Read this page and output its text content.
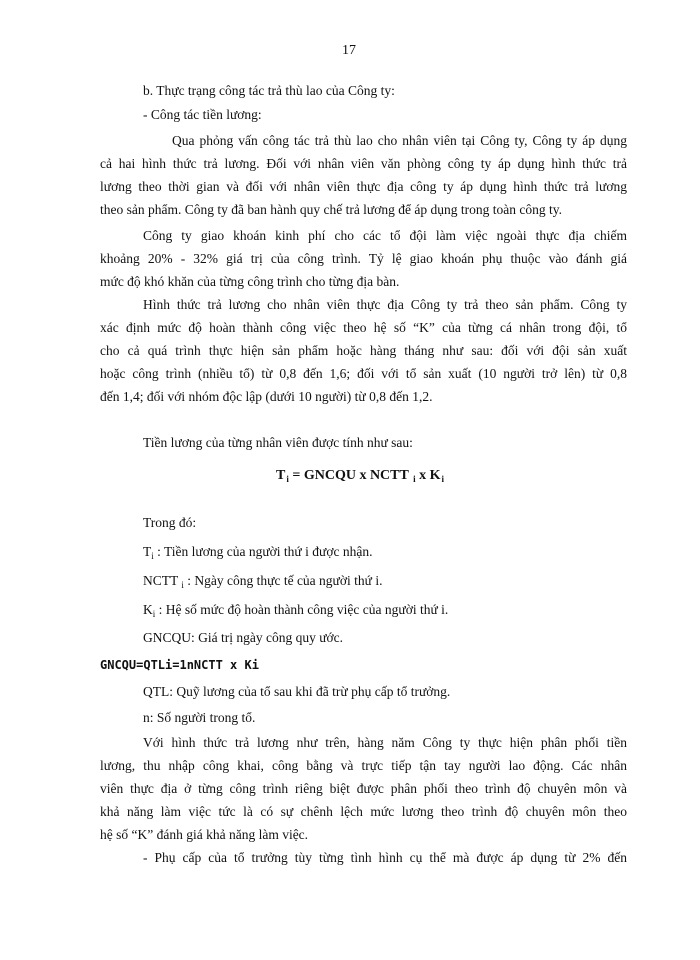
17
b. Thực trạng công tác trả thù lao của Công ty:
- Công tác tiền lương:
Qua phỏng vấn công tác trả thù lao cho nhân viên tại Công ty, Công ty áp dụng
cả hai hình thức trả lương. Đối với nhân viên văn phòng công ty áp dụng hình thức trả
lương theo thời gian và đối với nhân viên thực địa công ty áp dụng hình thức trả lương
theo sản phẩm. Công ty đã ban hành quy chế trả lương để áp dụng trong toàn công ty.
Công ty giao khoán kinh phí cho các tổ đội làm việc ngoài thực địa chiếm
khoảng 20% - 32% giá trị của công trình. Tỷ lệ giao khoán phụ thuộc vào đánh giá
mức độ khó khăn của từng công trình cho từng địa bàn.
Hình thức trả lương cho nhân viên thực địa Công ty trả theo sản phẩm. Công ty
xác định mức độ hoàn thành công việc theo hệ số “K” của từng cá nhân trong đội, tổ
cho cả quá trình thực hiện sản phẩm hoặc hàng tháng như sau: đối với đội sản xuất
hoặc công trình (nhiều tổ) từ 0,8 đến 1,6; đối với tổ sản xuất (10 người trở lên) từ 0,8
đến 1,4; đối với nhóm độc lập (dưới 10 người) từ 0,8 đến 1,2.
Tiền lương của từng nhân viên được tính như sau:
$T_i$ = GNCQU x NCTT $_i$ x $K_i$
Trong đó:
$T_i$ : Tiền lương của người thứ i được nhận.
NCTT $_i$ : Ngày công thực tế của người thứ i.
$K_i$ : Hệ số mức độ hoàn thành công việc của người thứ i.
GNCQU: Giá trị ngày công quy ước.
GNCQU=QTLi=1nNCTT x Ki
QTL: Quỹ lương của tổ sau khi đã trừ phụ cấp tổ trưởng.
n: Số người trong tổ.
Với hình thức trả lương như trên, hàng năm Công ty thực hiện phân phối tiền
lương, thu nhập công khai, công bằng và trực tiếp tận tay người lao động. Các nhân
viên thực địa ở từng công trình riêng biệt được phân phối theo trình độ chuyên môn và
khả năng làm việc tức là có sự chênh lệch mức lương theo trình độ chuyên môn theo
hệ số “K” đánh giá khả năng làm việc.
- Phụ cấp của tổ trưởng tùy từng tình hình cụ thể mà được áp dụng từ 2% đến
